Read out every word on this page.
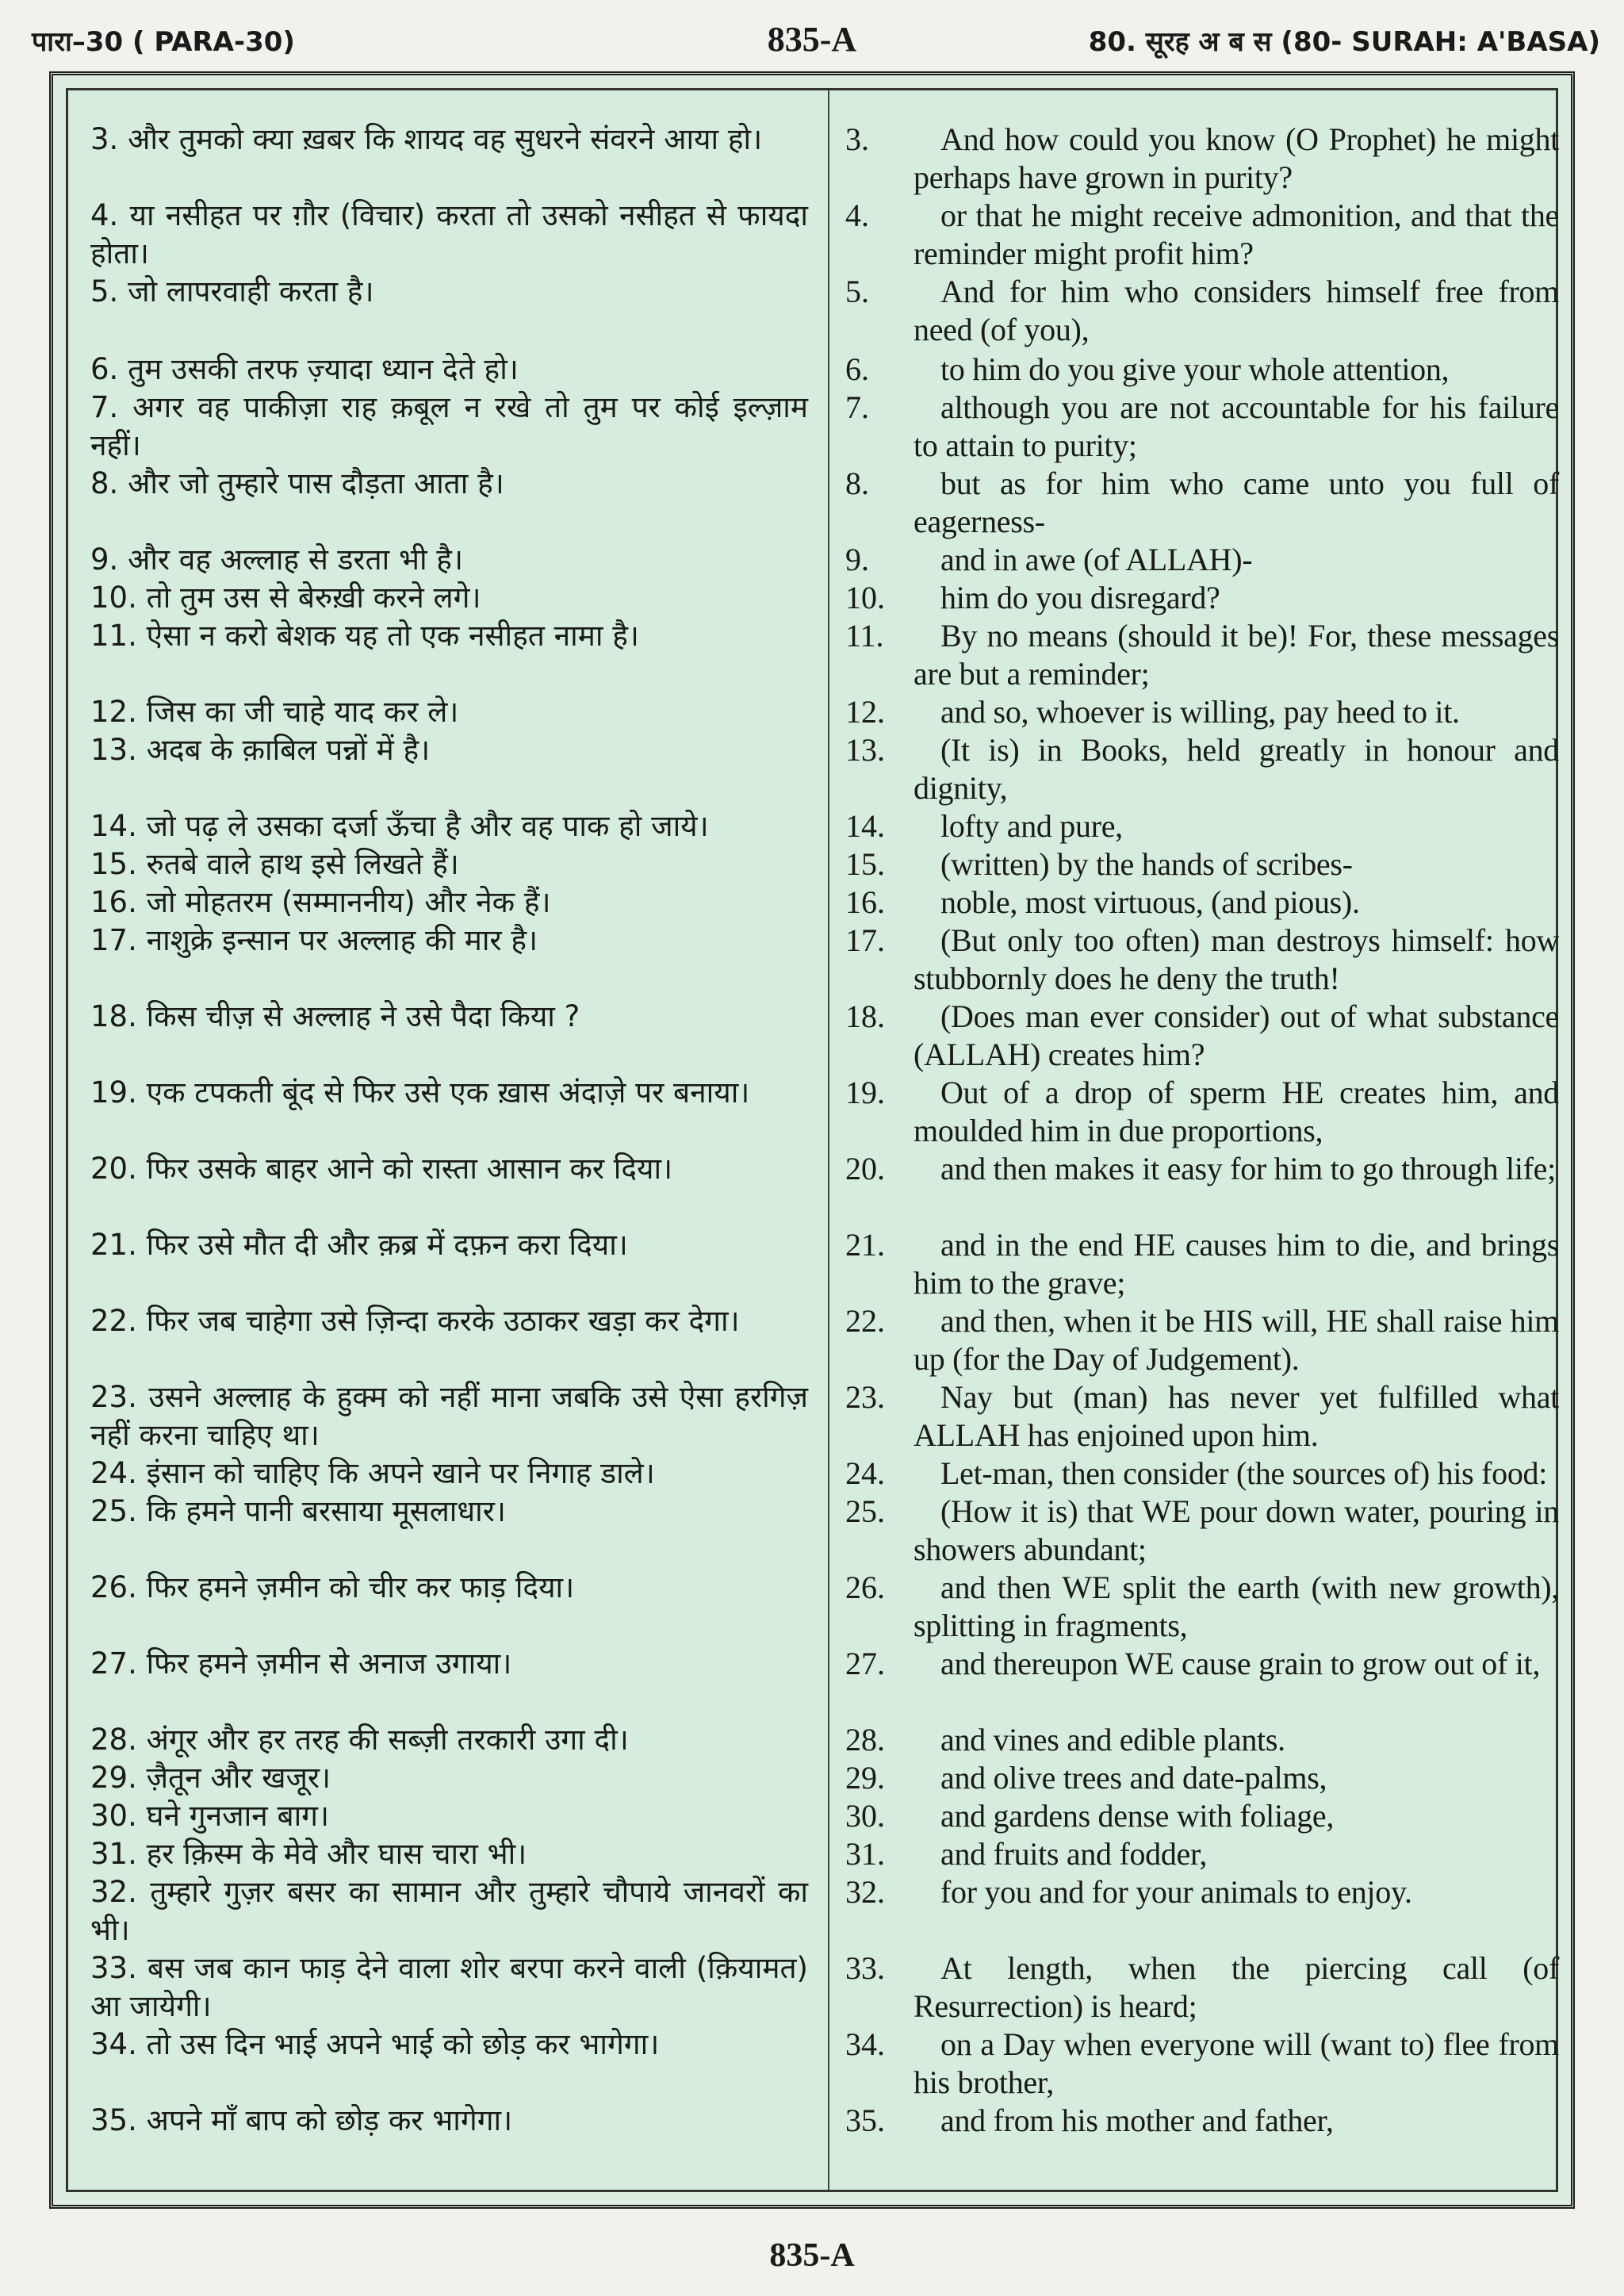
पारा–30 ( PARA-30)	835-A	80. सूरह अ ब स (80- SURAH: A'BASA)

3. और तुमको क्या ख़बर कि शायद वह सुधरने संवरने आया हो।

4. या नसीहत पर ग़ौर (विचार) करता तो उसको नसीहत से फायदा होता।

5. जो लापरवाही करता है।

6. तुम उसकी तरफ ज़्यादा ध्यान देते हो।

7. अगर वह पाकीज़ा राह क़बूल न रखे तो तुम पर कोई इल्ज़ाम नहीं।

8. और जो तुम्हारे पास दौड़ता आता है।

9. और वह अल्लाह से डरता भी है।

10. तो तुम उस से बेरुख़ी करने लगे।

11. ऐसा न करो बेशक यह तो एक नसीहत नामा है।

12. जिस का जी चाहे याद कर ले।

13. अदब के क़ाबिल पन्नों में है।

14. जो पढ़ ले उसका दर्जा ऊँचा है और वह पाक हो जाये।

15. रुतबे वाले हाथ इसे लिखते हैं।

16. जो मोहतरम (सम्माननीय) और नेक हैं।

17. नाशुक्रे इन्सान पर अल्लाह की मार है।

18. किस चीज़ से अल्लाह ने उसे पैदा किया ?

19. एक टपकती बूंद से फिर उसे एक ख़ास अंदाज़े पर बनाया।

20. फिर उसके बाहर आने को रास्ता आसान कर दिया।

21. फिर उसे मौत दी और क़ब्र में दफ़न करा दिया।

22. फिर जब चाहेगा उसे ज़िन्दा करके उठाकर खड़ा कर देगा।

23. उसने अल्लाह के हुक्म को नहीं माना जबकि उसे ऐसा हरगिज़ नहीं करना चाहिए था।

24. इंसान को चाहिए कि अपने खाने पर निगाह डाले।

25. कि हमने पानी बरसाया मूसलाधार।

26. फिर हमने ज़मीन को चीर कर फाड़ दिया।

27. फिर हमने ज़मीन से अनाज उगाया।

28. अंगूर और हर तरह की सब्ज़ी तरकारी उगा दी।

29. ज़ैतून और खजूर।

30. घने गुनजान बाग।

31. हर क़िस्म के मेवे और घास चारा भी।

32. तुम्हारे गुज़र बसर का सामान और तुम्हारे चौपाये जानवरों का भी।

33. बस जब कान फाड़ देने वाला शोर बरपा करने वाली (क़ियामत) आ जायेगी।

34. तो उस दिन भाई अपने भाई को छोड़ कर भागेगा।

35. अपने माँ बाप को छोड़ कर भागेगा।

3.	And how could you know (O Prophet) he might perhaps have grown in purity?

4.	or that he might receive admonition, and that the reminder might profit him?

5.	And for him who considers himself free from need (of you),

6.	to him do you give your whole attention,

7.	although you are not accountable for his failure to attain to purity;

8.	but as for him who came unto you full of eagerness-

9.	and in awe (of ALLAH)-

10.	him do you disregard?

11.	By no means (should it be)! For, these messages are but a reminder;

12.	and so, whoever is willing, pay heed to it.

13.	(It is) in Books, held greatly in honour and dignity,

14.	lofty and pure,

15.	(written) by the hands of scribes-

16.	noble, most virtuous, (and pious).

17.	(But only too often) man destroys himself: how stubbornly does he deny the truth!

18.	(Does man ever consider) out of what substance (ALLAH) creates him?

19.	Out of a drop of sperm HE creates him, and moulded him in due proportions,

20.	and then makes it easy for him to go through life;

21.	and in the end HE causes him to die, and brings him to the grave;

22.	and then, when it be HIS will, HE shall raise him up (for the Day of Judgement).

23.	Nay but (man) has never yet fulfilled what ALLAH has enjoined upon him.

24.	Let-man, then consider (the sources of) his food:

25.	(How it is) that WE pour down water, pouring in showers abundant;

26.	and then WE split the earth (with new growth), splitting in fragments,

27.	and thereupon WE cause grain to grow out of it,

28.	and vines and edible plants.

29.	and olive trees and date-palms,

30.	and gardens dense with foliage,

31.	and fruits and fodder,

32.	for you and for your animals to enjoy.

33.	At length, when the piercing call (of Resurrection) is heard;

34.	on a Day when everyone will (want to) flee from his brother,

35.	and from his mother and father,

835-A
